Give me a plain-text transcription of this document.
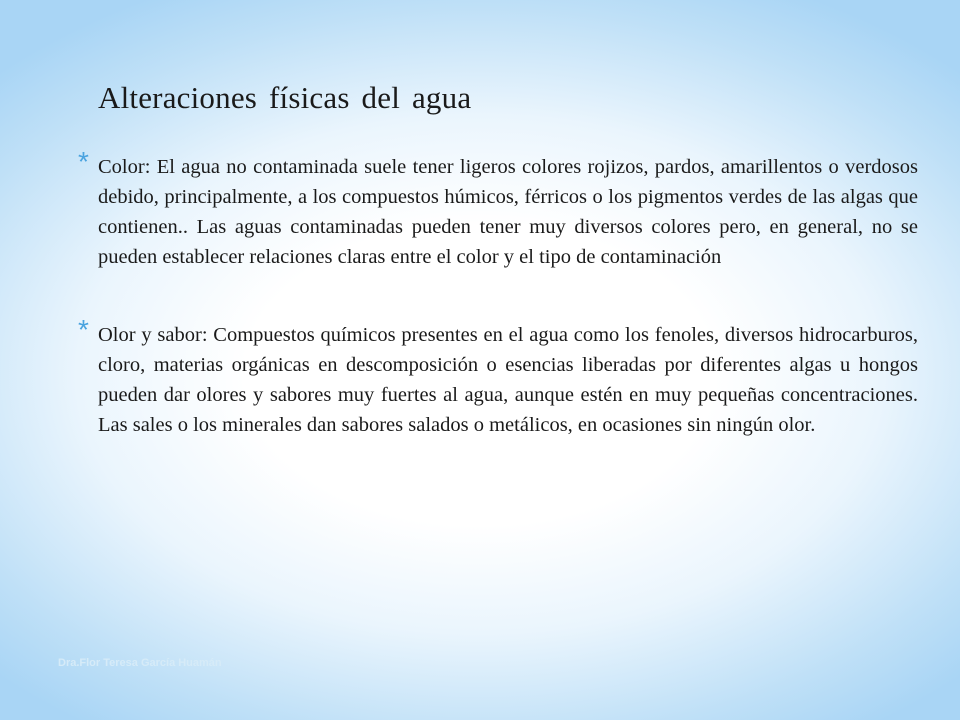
Alteraciones físicas del agua
* Color: El agua no contaminada suele tener ligeros colores rojizos, pardos, amarillentos o verdosos debido, principalmente, a los compuestos húmicos, férricos o los pigmentos verdes de las algas que contienen.. Las aguas contaminadas pueden tener muy diversos colores pero, en general, no se pueden establecer relaciones claras entre el color y el tipo de contaminación
* Olor y sabor: Compuestos químicos presentes en el agua como los fenoles, diversos hidrocarburos, cloro, materias orgánicas en descomposición o esencias liberadas por diferentes algas u hongos pueden dar olores y sabores muy fuertes al agua, aunque estén en muy pequeñas concentraciones. Las sales o los minerales dan sabores salados o metálicos, en ocasiones sin ningún olor.
Dra.Flor Teresa García Huamán
